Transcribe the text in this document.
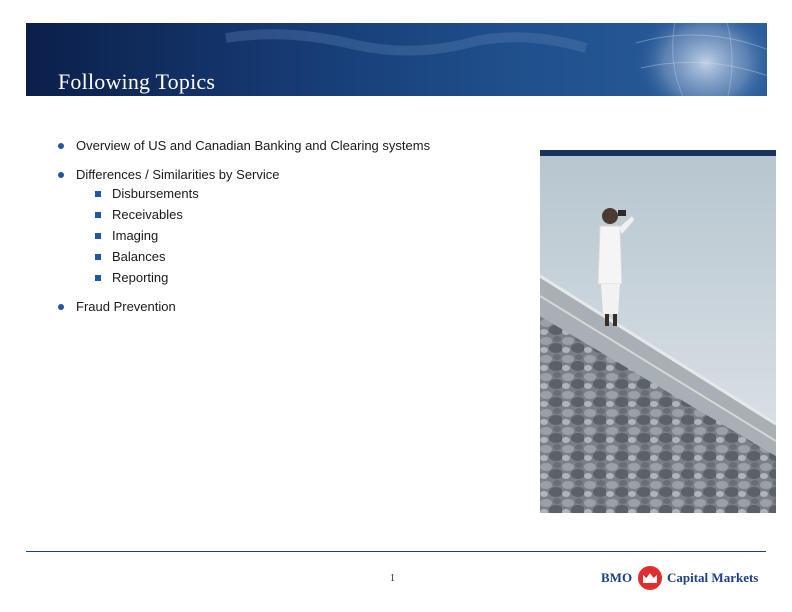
Following Topics
Overview of US and Canadian Banking and Clearing systems
Differences / Similarities by Service
Disbursements
Receivables
Imaging
Balances
Reporting
Fraud Prevention
1	BMO	Capital Markets
